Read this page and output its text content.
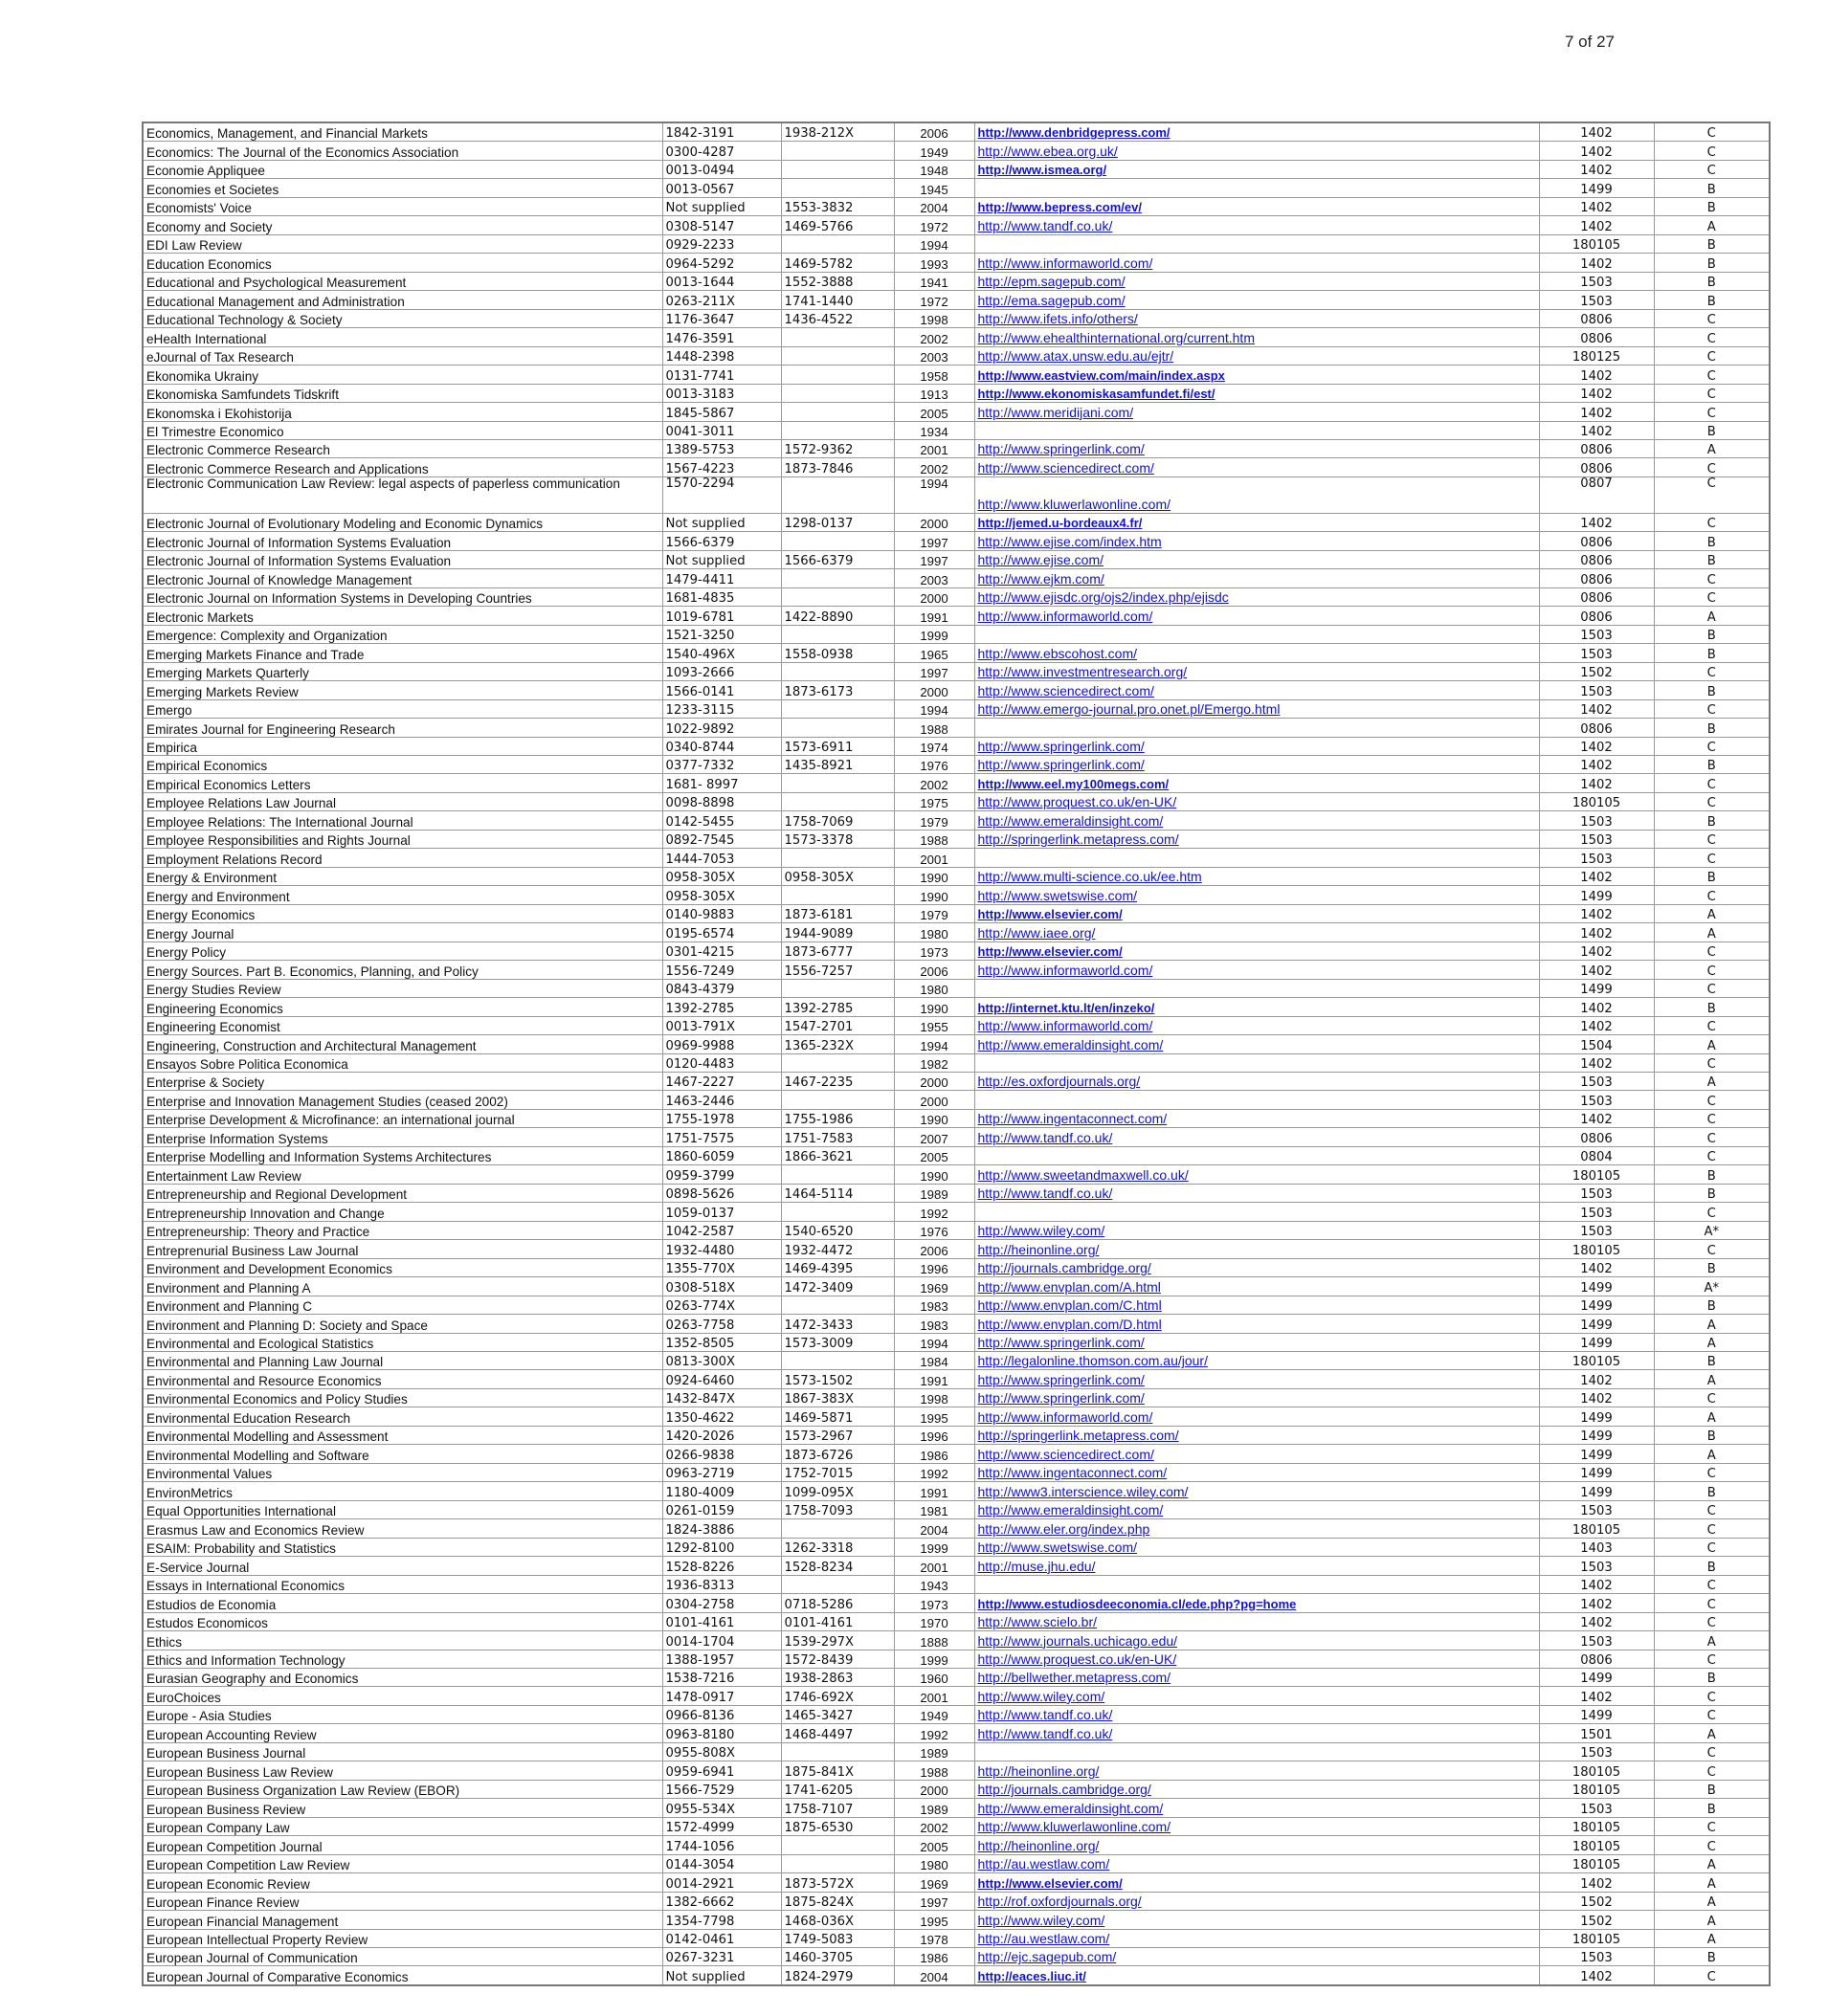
7 of 27
Economics, Management, and Financial Markets	1842-3191	1938-212X	2006	http://www.denbridgepress.com/	1402	C
Economics: The Journal of the Economics Association	0300-4287		1949	http://www.ebea.org.uk/	1402	C
Economie Appliquee	0013-0494		1948	http://www.ismea.org/	1402	C
Economies et Societes	0013-0567		1945		1499	B
Economists' Voice	Not supplied	1553-3832	2004	http://www.bepress.com/ev/	1402	B
Economy and Society	0308-5147	1469-5766	1972	http://www.tandf.co.uk/	1402	A
EDI Law Review	0929-2233		1994		180105	B
Education Economics	0964-5292	1469-5782	1993	http://www.informaworld.com/	1402	B
Educational and Psychological Measurement	0013-1644	1552-3888	1941	http://epm.sagepub.com/	1503	B
Educational Management and Administration	0263-211X	1741-1440	1972	http://ema.sagepub.com/	1503	B
Educational Technology & Society	1176-3647	1436-4522	1998	http://www.ifets.info/others/	0806	C
eHealth International	1476-3591		2002	http://www.ehealthinternational.org/current.htm	0806	C
eJournal of Tax Research	1448-2398		2003	http://www.atax.unsw.edu.au/ejtr/	180125	C
Ekonomika Ukrainy	0131-7741		1958	http://www.eastview.com/main/index.aspx	1402	C
Ekonomiska Samfundets Tidskrift	0013-3183		1913	http://www.ekonomiskasamfundet.fi/est/	1402	C
Ekonomska i Ekohistorija	1845-5867		2005	http://www.meridijani.com/	1402	C
El Trimestre Economico	0041-3011		1934		1402	B
Electronic Commerce Research	1389-5753	1572-9362	2001	http://www.springerlink.com/	0806	A
Electronic Commerce Research and Applications	1567-4223	1873-7846	2002	http://www.sciencedirect.com/	0806	C
Electronic Communication Law Review: legal aspects of paperless communication	1570-2294		1994	http://www.kluwerlawonline.com/	0807	C
Electronic Journal of Evolutionary Modeling and Economic Dynamics	Not supplied	1298-0137	2000	http://jemed.u-bordeaux4.fr/	1402	C
Electronic Journal of Information Systems Evaluation	1566-6379		1997	http://www.ejise.com/index.htm	0806	B
Electronic Journal of Information Systems Evaluation	Not supplied	1566-6379	1997	http://www.ejise.com/	0806	B
Electronic Journal of Knowledge Management	1479-4411		2003	http://www.ejkm.com/	0806	C
Electronic Journal on Information Systems in Developing Countries	1681-4835		2000	http://www.ejisdc.org/ojs2/index.php/ejisdc	0806	C
Electronic Markets	1019-6781	1422-8890	1991	http://www.informaworld.com/	0806	A
Emergence: Complexity and Organization	1521-3250		1999		1503	B
Emerging Markets Finance and Trade	1540-496X	1558-0938	1965	http://www.ebscohost.com/	1503	B
Emerging Markets Quarterly	1093-2666		1997	http://www.investmentresearch.org/	1502	C
Emerging Markets Review	1566-0141	1873-6173	2000	http://www.sciencedirect.com/	1503	B
Emergo	1233-3115		1994	http://www.emergo-journal.pro.onet.pl/Emergo.html	1402	C
Emirates Journal for Engineering Research	1022-9892		1988		0806	B
Empirica	0340-8744	1573-6911	1974	http://www.springerlink.com/	1402	C
Empirical Economics	0377-7332	1435-8921	1976	http://www.springerlink.com/	1402	B
Empirical Economics Letters	1681- 8997		2002	http://www.eel.my100megs.com/	1402	C
Employee Relations Law Journal	0098-8898		1975	http://www.proquest.co.uk/en-UK/	180105	C
Employee Relations: The International Journal	0142-5455	1758-7069	1979	http://www.emeraldinsight.com/	1503	B
Employee Responsibilities and Rights Journal	0892-7545	1573-3378	1988	http://springerlink.metapress.com/	1503	C
Employment Relations Record	1444-7053		2001		1503	C
Energy & Environment	0958-305X	0958-305X	1990	http://www.multi-science.co.uk/ee.htm	1402	B
Energy and Environment	0958-305X		1990	http://www.swetswise.com/	1499	C
Energy Economics	0140-9883	1873-6181	1979	http://www.elsevier.com/	1402	A
Energy Journal	0195-6574	1944-9089	1980	http://www.iaee.org/	1402	A
Energy Policy	0301-4215	1873-6777	1973	http://www.elsevier.com/	1402	C
Energy Sources. Part B. Economics, Planning, and Policy	1556-7249	1556-7257	2006	http://www.informaworld.com/	1402	C
Energy Studies Review	0843-4379		1980		1499	C
Engineering Economics	1392-2785	1392-2785	1990	http://internet.ktu.lt/en/inzeko/	1402	B
Engineering Economist	0013-791X	1547-2701	1955	http://www.informaworld.com/	1402	C
Engineering, Construction and Architectural Management	0969-9988	1365-232X	1994	http://www.emeraldinsight.com/	1504	A
Ensayos Sobre Politica Economica	0120-4483		1982		1402	C
Enterprise & Society	1467-2227	1467-2235	2000	http://es.oxfordjournals.org/	1503	A
Enterprise and Innovation Management Studies (ceased 2002)	1463-2446		2000		1503	C
Enterprise Development & Microfinance: an international journal	1755-1978	1755-1986	1990	http://www.ingentaconnect.com/	1402	C
Enterprise Information Systems	1751-7575	1751-7583	2007	http://www.tandf.co.uk/	0806	C
Enterprise Modelling and Information Systems Architectures	1860-6059	1866-3621	2005		0804	C
Entertainment Law Review	0959-3799		1990	http://www.sweetandmaxwell.co.uk/	180105	B
Entrepreneurship and Regional Development	0898-5626	1464-5114	1989	http://www.tandf.co.uk/	1503	B
Entrepreneurship Innovation and Change	1059-0137		1992		1503	C
Entrepreneurship: Theory and Practice	1042-2587	1540-6520	1976	http://www.wiley.com/	1503	A*
Entreprenurial Business Law Journal	1932-4480	1932-4472	2006	http://heinonline.org/	180105	C
Environment and Development Economics	1355-770X	1469-4395	1996	http://journals.cambridge.org/	1402	B
Environment and Planning A	0308-518X	1472-3409	1969	http://www.envplan.com/A.html	1499	A*
Environment and Planning C	0263-774X		1983	http://www.envplan.com/C.html	1499	B
Environment and Planning D: Society and Space	0263-7758	1472-3433	1983	http://www.envplan.com/D.html	1499	A
Environmental and Ecological Statistics	1352-8505	1573-3009	1994	http://www.springerlink.com/	1499	A
Environmental and Planning Law Journal	0813-300X		1984	http://legalonline.thomson.com.au/jour/	180105	B
Environmental and Resource Economics	0924-6460	1573-1502	1991	http://www.springerlink.com/	1402	A
Environmental Economics and Policy Studies	1432-847X	1867-383X	1998	http://www.springerlink.com/	1402	C
Environmental Education Research	1350-4622	1469-5871	1995	http://www.informaworld.com/	1499	A
Environmental Modelling and Assessment	1420-2026	1573-2967	1996	http://springerlink.metapress.com/	1499	B
Environmental Modelling and Software	0266-9838	1873-6726	1986	http://www.sciencedirect.com/	1499	A
Environmental Values	0963-2719	1752-7015	1992	http://www.ingentaconnect.com/	1499	C
EnvironMetrics	1180-4009	1099-095X	1991	http://www3.interscience.wiley.com/	1499	B
Equal Opportunities International	0261-0159	1758-7093	1981	http://www.emeraldinsight.com/	1503	C
Erasmus Law and Economics Review	1824-3886		2004	http://www.eler.org/index.php	180105	C
ESAIM: Probability and Statistics	1292-8100	1262-3318	1999	http://www.swetswise.com/	1403	C
E-Service Journal	1528-8226	1528-8234	2001	http://muse.jhu.edu/	1503	B
Essays in International Economics	1936-8313		1943		1402	C
Estudios de Economia	0304-2758	0718-5286	1973	http://www.estudiosdeeconomia.cl/ede.php?pg=home	1402	C
Estudos Economicos	0101-4161	0101-4161	1970	http://www.scielo.br/	1402	C
Ethics	0014-1704	1539-297X	1888	http://www.journals.uchicago.edu/	1503	A
Ethics and Information Technology	1388-1957	1572-8439	1999	http://www.proquest.co.uk/en-UK/	0806	C
Eurasian Geography and Economics	1538-7216	1938-2863	1960	http://bellwether.metapress.com/	1499	B
EuroChoices	1478-0917	1746-692X	2001	http://www.wiley.com/	1402	C
Europe - Asia Studies	0966-8136	1465-3427	1949	http://www.tandf.co.uk/	1499	C
European Accounting Review	0963-8180	1468-4497	1992	http://www.tandf.co.uk/	1501	A
European Business Journal	0955-808X		1989		1503	C
European Business Law Review	0959-6941	1875-841X	1988	http://heinonline.org/	180105	C
European Business Organization Law Review (EBOR)	1566-7529	1741-6205	2000	http://journals.cambridge.org/	180105	B
European Business Review	0955-534X	1758-7107	1989	http://www.emeraldinsight.com/	1503	B
European Company Law	1572-4999	1875-6530	2002	http://www.kluwerlawonline.com/	180105	C
European Competition Journal	1744-1056		2005	http://heinonline.org/	180105	C
European Competition Law Review	0144-3054		1980	http://au.westlaw.com/	180105	A
European Economic Review	0014-2921	1873-572X	1969	http://www.elsevier.com/	1402	A
European Finance Review	1382-6662	1875-824X	1997	http://rof.oxfordjournals.org/	1502	A
European Financial Management	1354-7798	1468-036X	1995	http://www.wiley.com/	1502	A
European Intellectual Property Review	0142-0461	1749-5083	1978	http://au.westlaw.com/	180105	A
European Journal of Communication	0267-3231	1460-3705	1986	http://ejc.sagepub.com/	1503	B
European Journal of Comparative Economics	Not supplied	1824-2979	2004	http://eaces.liuc.it/	1402	C
